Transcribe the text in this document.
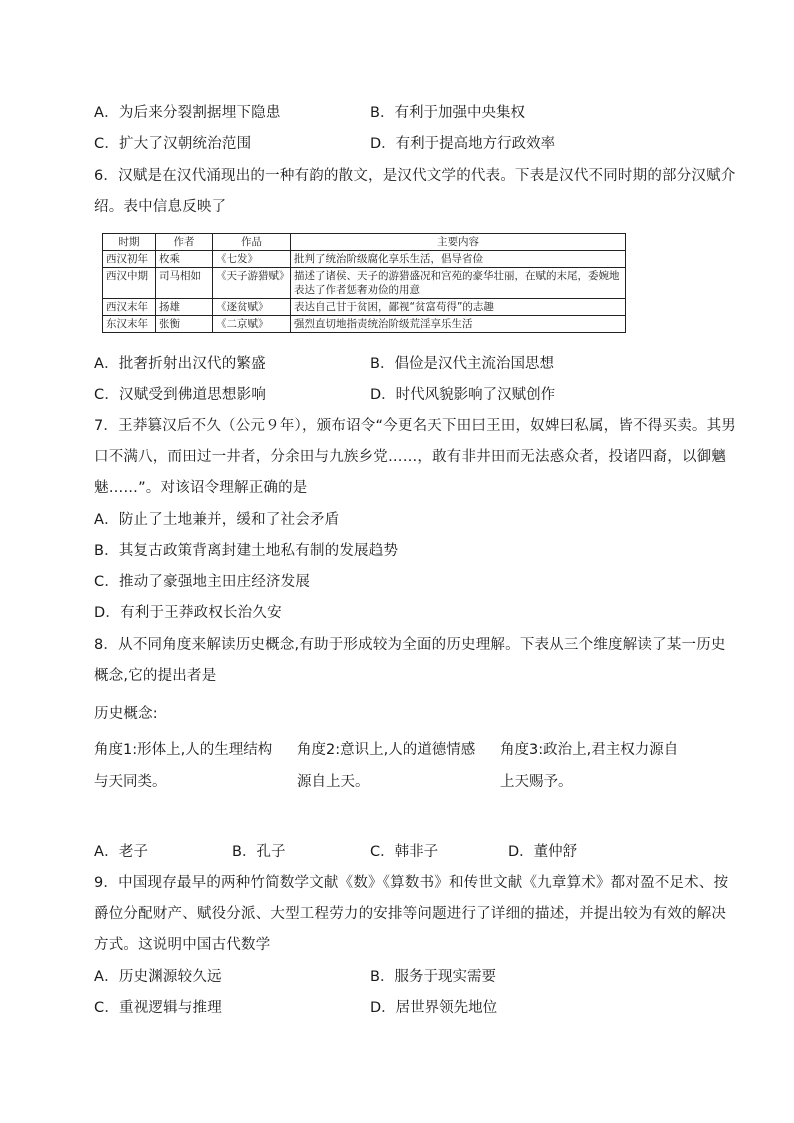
A．为后来分裂割据埋下隐患	B．有利于加强中央集权
C．扩大了汉朝统治范围	D．有利于提高地方行政效率
6．汉赋是在汉代涌现出的一种有韵的散文，是汉代文学的代表。下表是汉代不同时期的部分汉赋介
绍。表中信息反映了
时期	作者	作品	主要内容
西汉初年	枚乘	《七发》	批判了统治阶级腐化享乐生活，倡导省俭
西汉中期	司马相如	《天子游猎赋》	描述了诸侯、天子的游猎盛况和宫苑的豪华壮丽，在赋的末尾，委婉地表达了作者惩奢劝俭的用意
西汉末年	扬雄	《逐贫赋》	表达自己甘于贫困，鄙视“贫富苟得”的志趣
东汉末年	张衡	《二京赋》	强烈直切地指责统治阶级荒淫享乐生活
A．批奢折射出汉代的繁盛	B．倡俭是汉代主流治国思想
C．汉赋受到佛道思想影响	D．时代风貌影响了汉赋创作
7．王莽篡汉后不久（公元９年），颁布诏令“今更名天下田曰王田，奴婢曰私属，皆不得买卖。其男
口不满八，而田过一井者，分余田与九族乡党……，敢有非井田而无法惑众者，投诸四裔，以御魑
魅……”。对该诏令理解正确的是
A．防止了土地兼并，缓和了社会矛盾
B．其复古政策背离封建土地私有制的发展趋势
C．推动了豪强地主田庄经济发展
D．有利于王莽政权长治久安
8．从不同角度来解读历史概念,有助于形成较为全面的历史理解。下表从三个维度解读了某一历史
概念,它的提出者是
历史概念:
角度1:形体上,人的生理结构
与天同类。
角度2:意识上,人的道德情感
源自上天。
角度3:政治上,君主权力源自
上天赐予。
A．老子	B．孔子	C．韩非子	D．董仲舒
9．中国现存最早的两种竹简数学文献《数》《算数书》和传世文献《九章算术》都对盈不足术、按
爵位分配财产、赋役分派、大型工程劳力的安排等问题进行了详细的描述，并提出较为有效的解决
方式。这说明中国古代数学
A．历史渊源较久远	B．服务于现实需要
C．重视逻辑与推理	D．居世界领先地位
